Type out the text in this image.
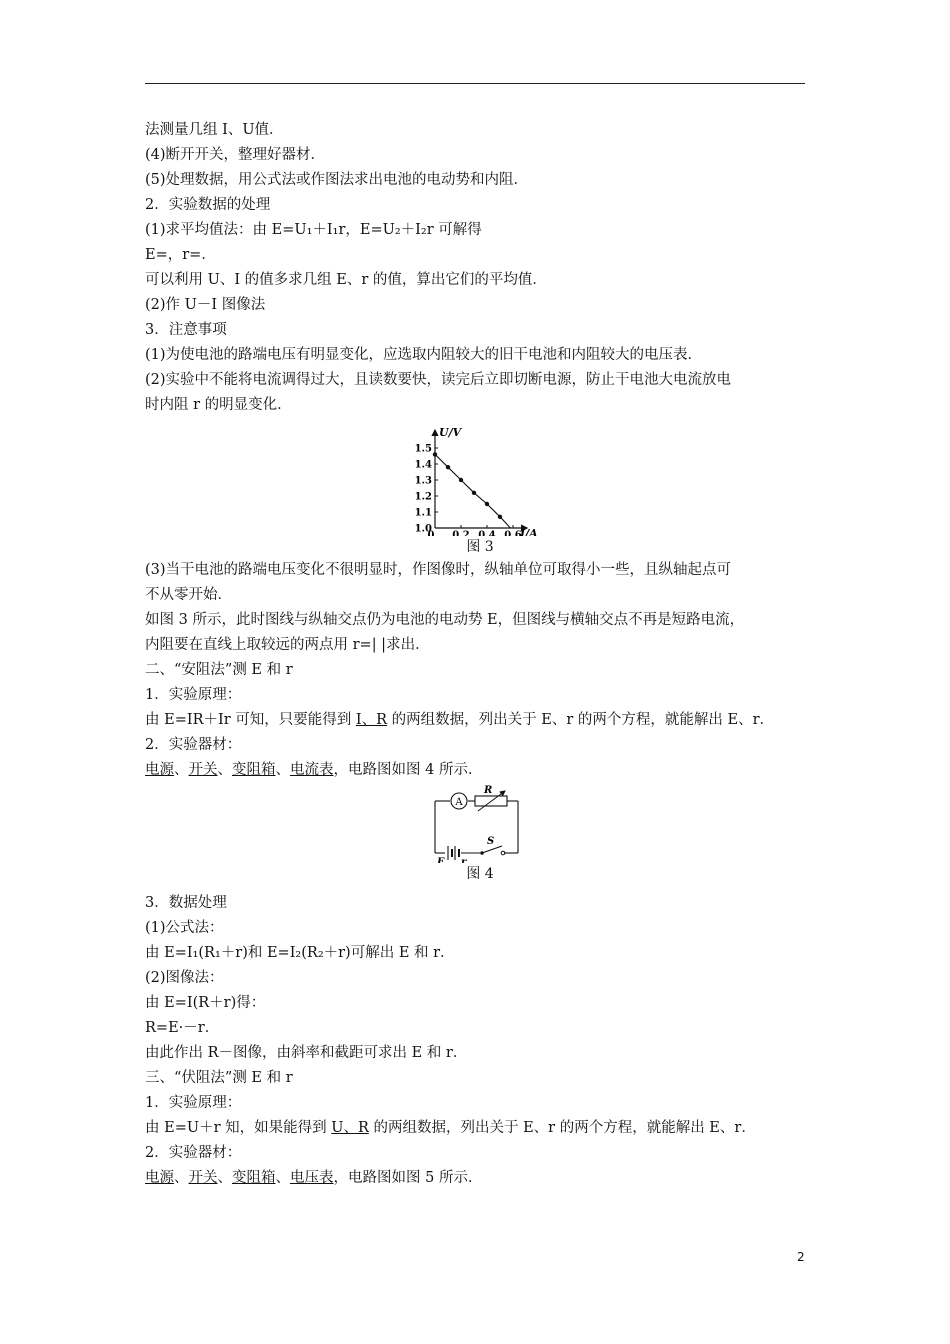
法测量几组 I、U值．
(4)断开开关，整理好器材．
(5)处理数据，用公式法或作图法求出电池的电动势和内阻．
2．实验数据的处理
(1)求平均值法：由 E=U₁＋I₁r，E=U₂＋I₂r 可解得
E=，r=．
可以利用 U、I 的值多求几组 E、r 的值，算出它们的平均值．
(2)作 U－I 图像法
3．注意事项
(1)为使电池的路端电压有明显变化，应选取内阻较大的旧干电池和内阻较大的电压表．
(2)实验中不能将电流调得过大，且读数要快，读完后立即切断电源，防止干电池大电流放电
时内阻 r 的明显变化．
U/V
I/A
1.0
1.1
1.2
1.3
1.4
1.5
0 0.2 0.4 0.6
图 3
(3)当干电池的路端电压变化不很明显时，作图像时，纵轴单位可取得小一些，且纵轴起点可
不从零开始．
如图 3 所示，此时图线与纵轴交点仍为电池的电动势 E，但图线与横轴交点不再是短路电流，
内阻要在直线上取较远的两点用 r=| |求出．
二、“安阻法”测 E 和 r
1．实验原理：
由 E=IR＋Ir 可知，只要能得到 I、R 的两组数据，列出关于 E、r 的两个方程，就能解出 E、r．
2．实验器材：
电源、开关、变阻箱、电流表，电路图如图 4 所示．
A
R
E r
S
图 4
3．数据处理
(1)公式法：
由 E=I₁(R₁＋r)和 E=I₂(R₂＋r)可解出 E 和 r．
(2)图像法：
由 E=I(R＋r)得：
R=E·－r．
由此作出 R－图像，由斜率和截距可求出 E 和 r．
三、“伏阻法”测 E 和 r
1．实验原理：
由 E=U＋r 知，如果能得到 U、R 的两组数据，列出关于 E、r 的两个方程，就能解出 E、r．
2．实验器材：
电源、开关、变阻箱、电压表，电路图如图 5 所示．
2
